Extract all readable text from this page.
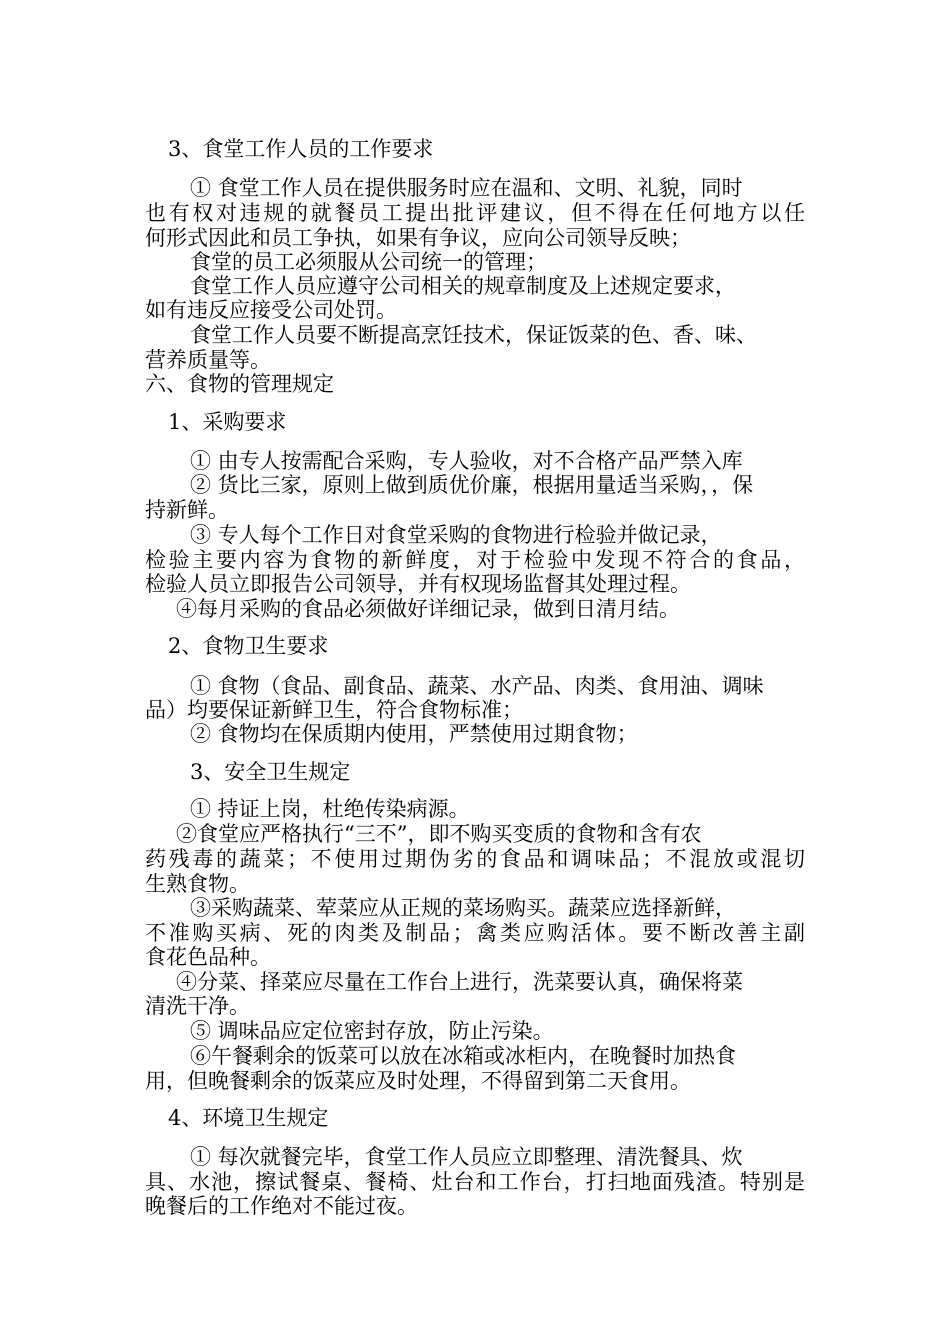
3、食堂工作人员的工作要求
① 食堂工作人员在提供服务时应在温和、文明、礼貌，同时
也有权对违规的就餐员工提出批评建议，但不得在任何地方以任
何形式因此和员工争执，如果有争议，应向公司领导反映；
食堂的员工必须服从公司统一的管理；
食堂工作人员应遵守公司相关的规章制度及上述规定要求，
如有违反应接受公司处罚。
食堂工作人员要不断提高烹饪技术，保证饭菜的色、香、味、
营养质量等。
六、食物的管理规定
1、采购要求
① 由专人按需配合采购，专人验收，对不合格产品严禁入库
② 货比三家，原则上做到质优价廉，根据用量适当采购，，保
持新鲜。
③ 专人每个工作日对食堂采购的食物进行检验并做记录，
检验主要内容为食物的新鲜度，对于检验中发现不符合的食品，
检验人员立即报告公司领导，并有权现场监督其处理过程。
④每月采购的食品必须做好详细记录，做到日清月结。
2、食物卫生要求
① 食物（食品、副食品、蔬菜、水产品、肉类、食用油、调味
品）均要保证新鲜卫生，符合食物标准；
② 食物均在保质期内使用，严禁使用过期食物；
3、安全卫生规定
① 持证上岗，杜绝传染病源。
②食堂应严格执行“三不”，即不购买变质的食物和含有农
药残毒的蔬菜；不使用过期伪劣的食品和调味品；不混放或混切
生熟食物。
③采购蔬菜、荤菜应从正规的菜场购买。蔬菜应选择新鲜，
不准购买病、死的肉类及制品；禽类应购活体。要不断改善主副
食花色品种。
④分菜、择菜应尽量在工作台上进行，洗菜要认真，确保将菜
清洗干净。
⑤ 调味品应定位密封存放，防止污染。
⑥午餐剩余的饭菜可以放在冰箱或冰柜内，在晚餐时加热食
用，但晚餐剩余的饭菜应及时处理，不得留到第二天食用。
4、环境卫生规定
① 每次就餐完毕，食堂工作人员应立即整理、清洗餐具、炊
具、水池，擦试餐桌、餐椅、灶台和工作台，打扫地面残渣。特别是
晚餐后的工作绝对不能过夜。
